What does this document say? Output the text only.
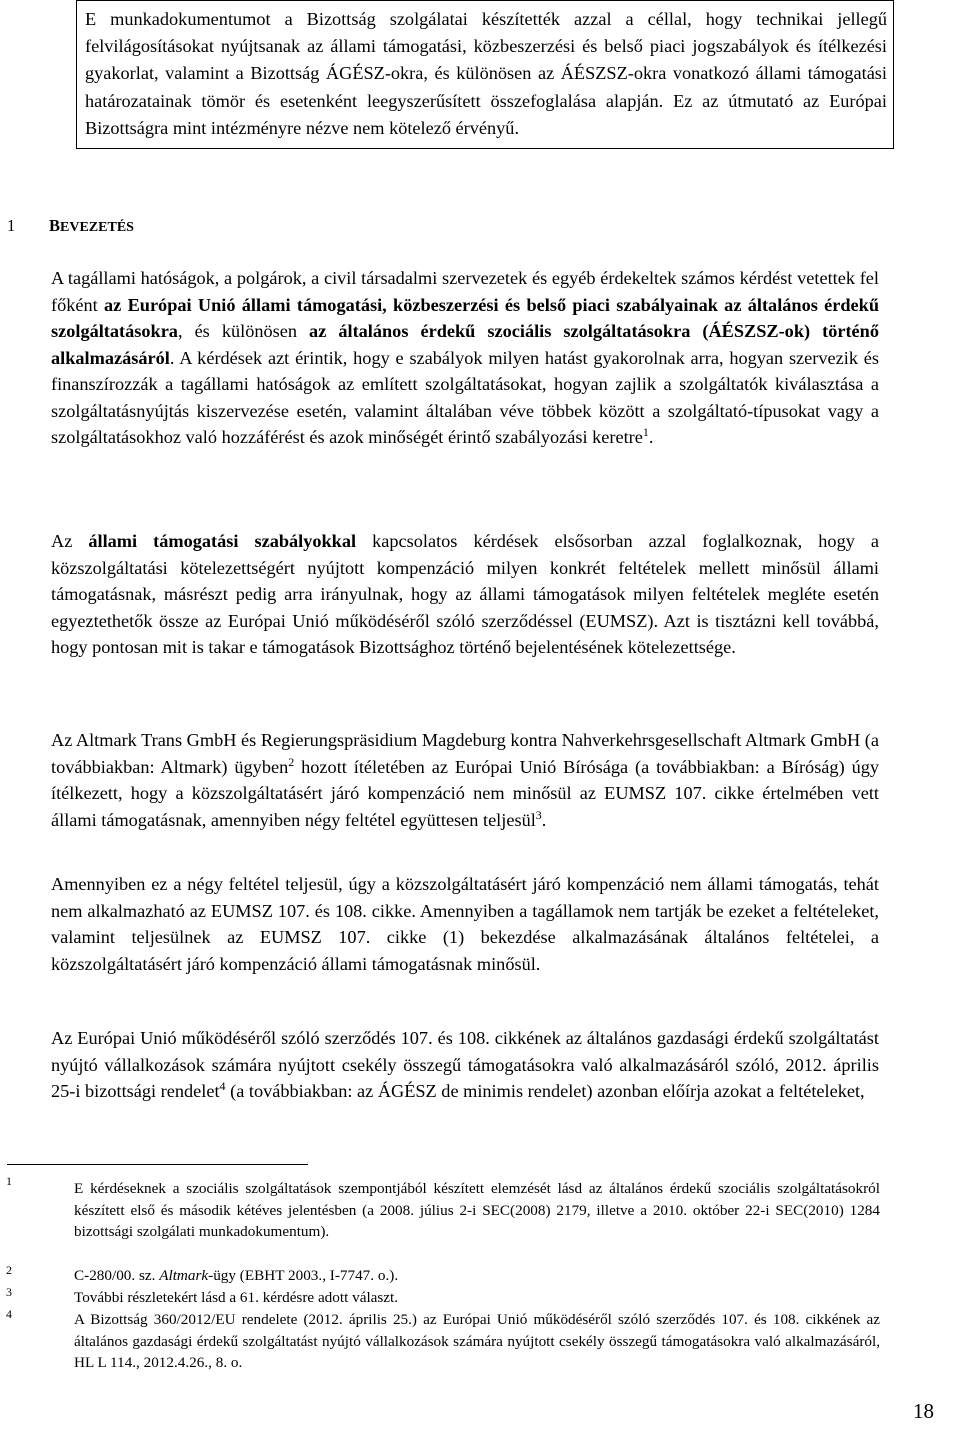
E munkadokumentumot a Bizottság szolgálatai készítették azzal a céllal, hogy technikai jellegű felvilágosításokat nyújtsanak az állami támogatási, közbeszerzési és belső piaci jogszabályok és ítélkezési gyakorlat, valamint a Bizottság ÁGÉSZ-okra, és különösen az ÁÉSZSZ-okra vonatkozó állami támogatási határozatainak tömör és esetenként leegyszerűsített összefoglalása alapján. Ez az útmutató az Európai Bizottságra mint intézményre nézve nem kötelező érvényű.
1 BEVEZETÉS

A tagállami hatóságok, a polgárok, a civil társadalmi szervezetek és egyéb érdekeltek számos kérdést vetettek fel főként az Európai Unió állami támogatási, közbeszerzési és belső piaci szabályainak az általános érdekű szolgáltatásokra, és különösen az általános érdekű szociális szolgáltatásokra (ÁÉSZSZ-ok) történő alkalmazásáról. A kérdések azt érintik, hogy e szabályok milyen hatást gyakorolnak arra, hogyan szervezik és finanszírozzák a tagállami hatóságok az említett szolgáltatásokat, hogyan zajlik a szolgáltatók kiválasztása a szolgáltatásnyújtás kiszervezése esetén, valamint általában véve többek között a szolgáltató-típusokat vagy a szolgáltatásokhoz való hozzáférést és azok minőségét érintő szabályozási keretre$^1$.

Az állami támogatási szabályokkal kapcsolatos kérdések elsősorban azzal foglalkoznak, hogy a közszolgáltatási kötelezettségért nyújtott kompenzáció milyen konkrét feltételek mellett minősül állami támogatásnak, másrészt pedig arra irányulnak, hogy az állami támogatások milyen feltételek megléte esetén egyeztethetők össze az Európai Unió működéséről szóló szerződéssel (EUMSZ). Azt is tisztázni kell továbbá, hogy pontosan mit is takar e támogatások Bizottsághoz történő bejelentésének kötelezettsége.

Az Altmark Trans GmbH és Regierungspräsidium Magdeburg kontra Nahverkehrsgesellschaft Altmark GmbH (a továbbiakban: Altmark) ügyben$^2$ hozott ítéletében az Európai Unió Bírósága (a továbbiakban: a Bíróság) úgy ítélkezett, hogy a közszolgáltatásért járó kompenzáció nem minősül az EUMSZ 107. cikke értelmében vett állami támogatásnak, amennyiben négy feltétel együttesen teljesül$^3$.

Amennyiben ez a négy feltétel teljesül, úgy a közszolgáltatásért járó kompenzáció nem állami támogatás, tehát nem alkalmazható az EUMSZ 107. és 108. cikke. Amennyiben a tagállamok nem tartják be ezeket a feltételeket, valamint teljesülnek az EUMSZ 107. cikke (1) bekezdése alkalmazásának általános feltételei, a közszolgáltatásért járó kompenzáció állami támogatásnak minősül.

Az Európai Unió működéséről szóló szerződés 107. és 108. cikkének az általános gazdasági érdekű szolgáltatást nyújtó vállalkozások számára nyújtott csekély összegű támogatásokra való alkalmazásáról szóló, 2012. április 25-i bizottsági rendelet$^4$ (a továbbiakban: az ÁGÉSZ de minimis rendelet) azonban előírja azokat a feltételeket,

1
2
3
4

E kérdéseknek a szociális szolgáltatások szempontjából készített elemzését lásd az általános érdekű szociális szolgáltatásokról készített első és második kétéves jelentésben (a 2008. július 2-i SEC(2008) 2179, illetve a 2010. október 22-i SEC(2010) 1284 bizottsági szolgálati munkadokumentum).

C-280/00. sz. Altmark-ügy (EBHT 2003., I-7747. o.).

További részletekért lásd a 61. kérdésre adott választ.

A Bizottság 360/2012/EU rendelete (2012. április 25.) az Európai Unió működéséről szóló szerződés 107. és 108. cikkének az általános gazdasági érdekű szolgáltatást nyújtó vállalkozások számára nyújtott csekély összegű támogatásokra való alkalmazásáról, HL L 114., 2012.4.26., 8. o.

18
